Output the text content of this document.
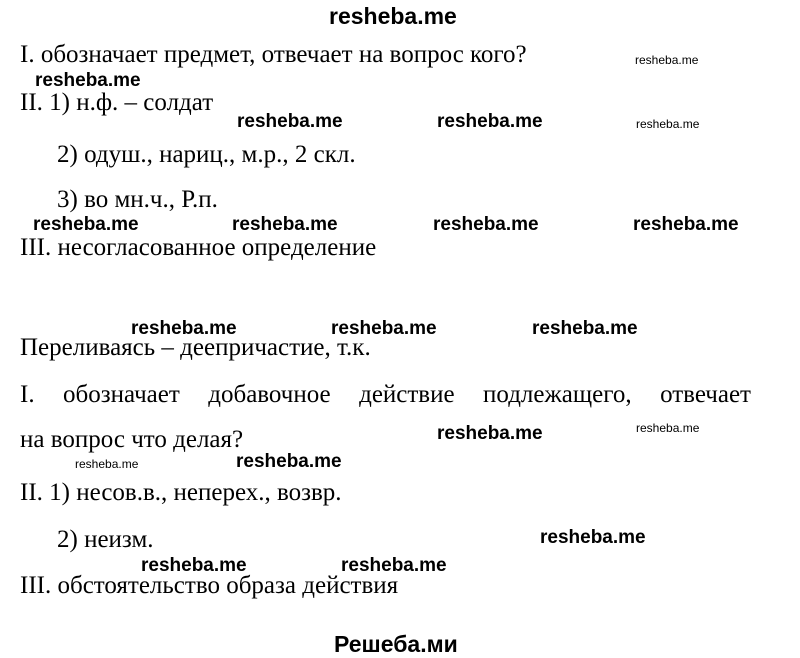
resheba.me
I. обозначает предмет, отвечает на вопрос кого?
II. 1) н.ф. – солдат
2) одуш., нариц., м.р., 2 скл.
3) во мн.ч., Р.п.
III. несогласованное определение
Переливаясь – деепричастие, т.к.
I. обозначает добавочное действие подлежащего, отвечает
на вопрос что делая?
II. 1) несов.в., неперех., возвр.
2) неизм.
III. обстоятельство образа действия
resheba.me
resheba.me	resheba.me
resheba.me	resheba.me	resheba.me	resheba.me
resheba.me	resheba.me	resheba.me
resheba.me
resheba.me
resheba.me
resheba.me	resheba.me
resheba.me
resheba.me
resheba.me
resheba.me
Решеба.ми
